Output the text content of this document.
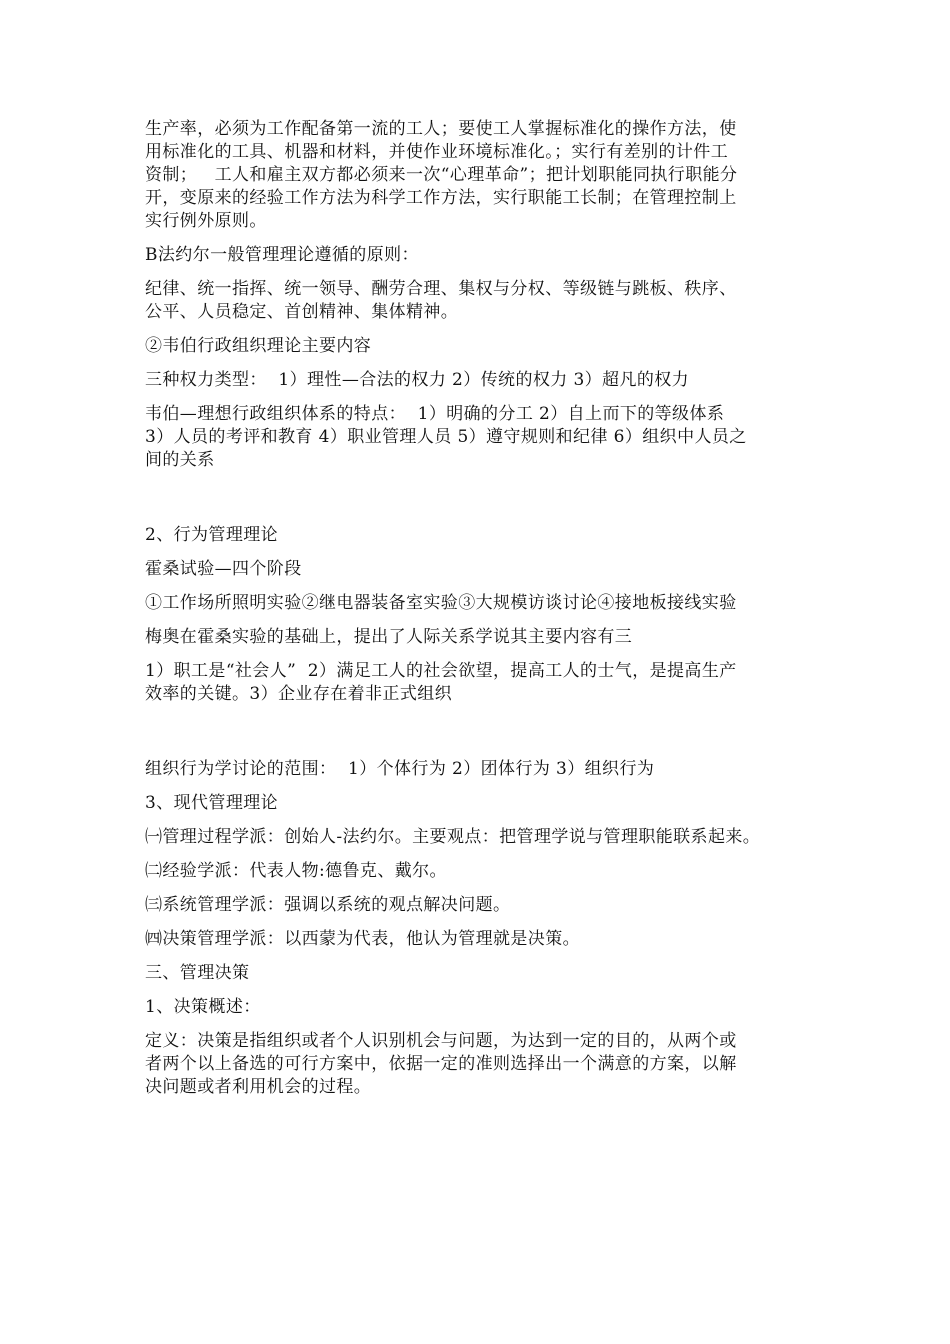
生产率，必须为工作配备第一流的工人；要使工人掌握标准化的操作方法，使
用标准化的工具、机器和材料，并使作业环境标准化。；实行有差别的计件工
资制；   工人和雇主双方都必须来一次“心理革命”；把计划职能同执行职能分
开，变原来的经验工作方法为科学工作方法，实行职能工长制；在管理控制上
实行例外原则。

B法约尔一般管理理论遵循的原则：

纪律、统一指挥、统一领导、酬劳合理、集权与分权、等级链与跳板、秩序、
公平、人员稳定、首创精神、集体精神。

②韦伯行政组织理论主要内容

三种权力类型：  1）理性—合法的权力 2）传统的权力 3）超凡的权力

韦伯—理想行政组织体系的特点：  1）明确的分工 2）自上而下的等级体系
3）人员的考评和教育 4）职业管理人员 5）遵守规则和纪律 6）组织中人员之
间的关系

2、行为管理理论

霍桑试验—四个阶段

①工作场所照明实验②继电器装备室实验③大规模访谈讨论④接地板接线实验

梅奥在霍桑实验的基础上，提出了人际关系学说其主要内容有三

1）职工是“社会人”  2）满足工人的社会欲望，提高工人的士气，是提高生产
效率的关键。3）企业存在着非正式组织

组织行为学讨论的范围：  1）个体行为 2）团体行为 3）组织行为

3、现代管理理论

㈠管理过程学派：创始人-法约尔。主要观点：把管理学说与管理职能联系起来。

㈡经验学派：代表人物:德鲁克、戴尔。

㈢系统管理学派：强调以系统的观点解决问题。

㈣决策管理学派：以西蒙为代表，他认为管理就是决策。

三、管理决策

1、决策概述：

定义：决策是指组织或者个人识别机会与问题，为达到一定的目的，从两个或
者两个以上备选的可行方案中，依据一定的准则选择出一个满意的方案，以解
决问题或者利用机会的过程。
